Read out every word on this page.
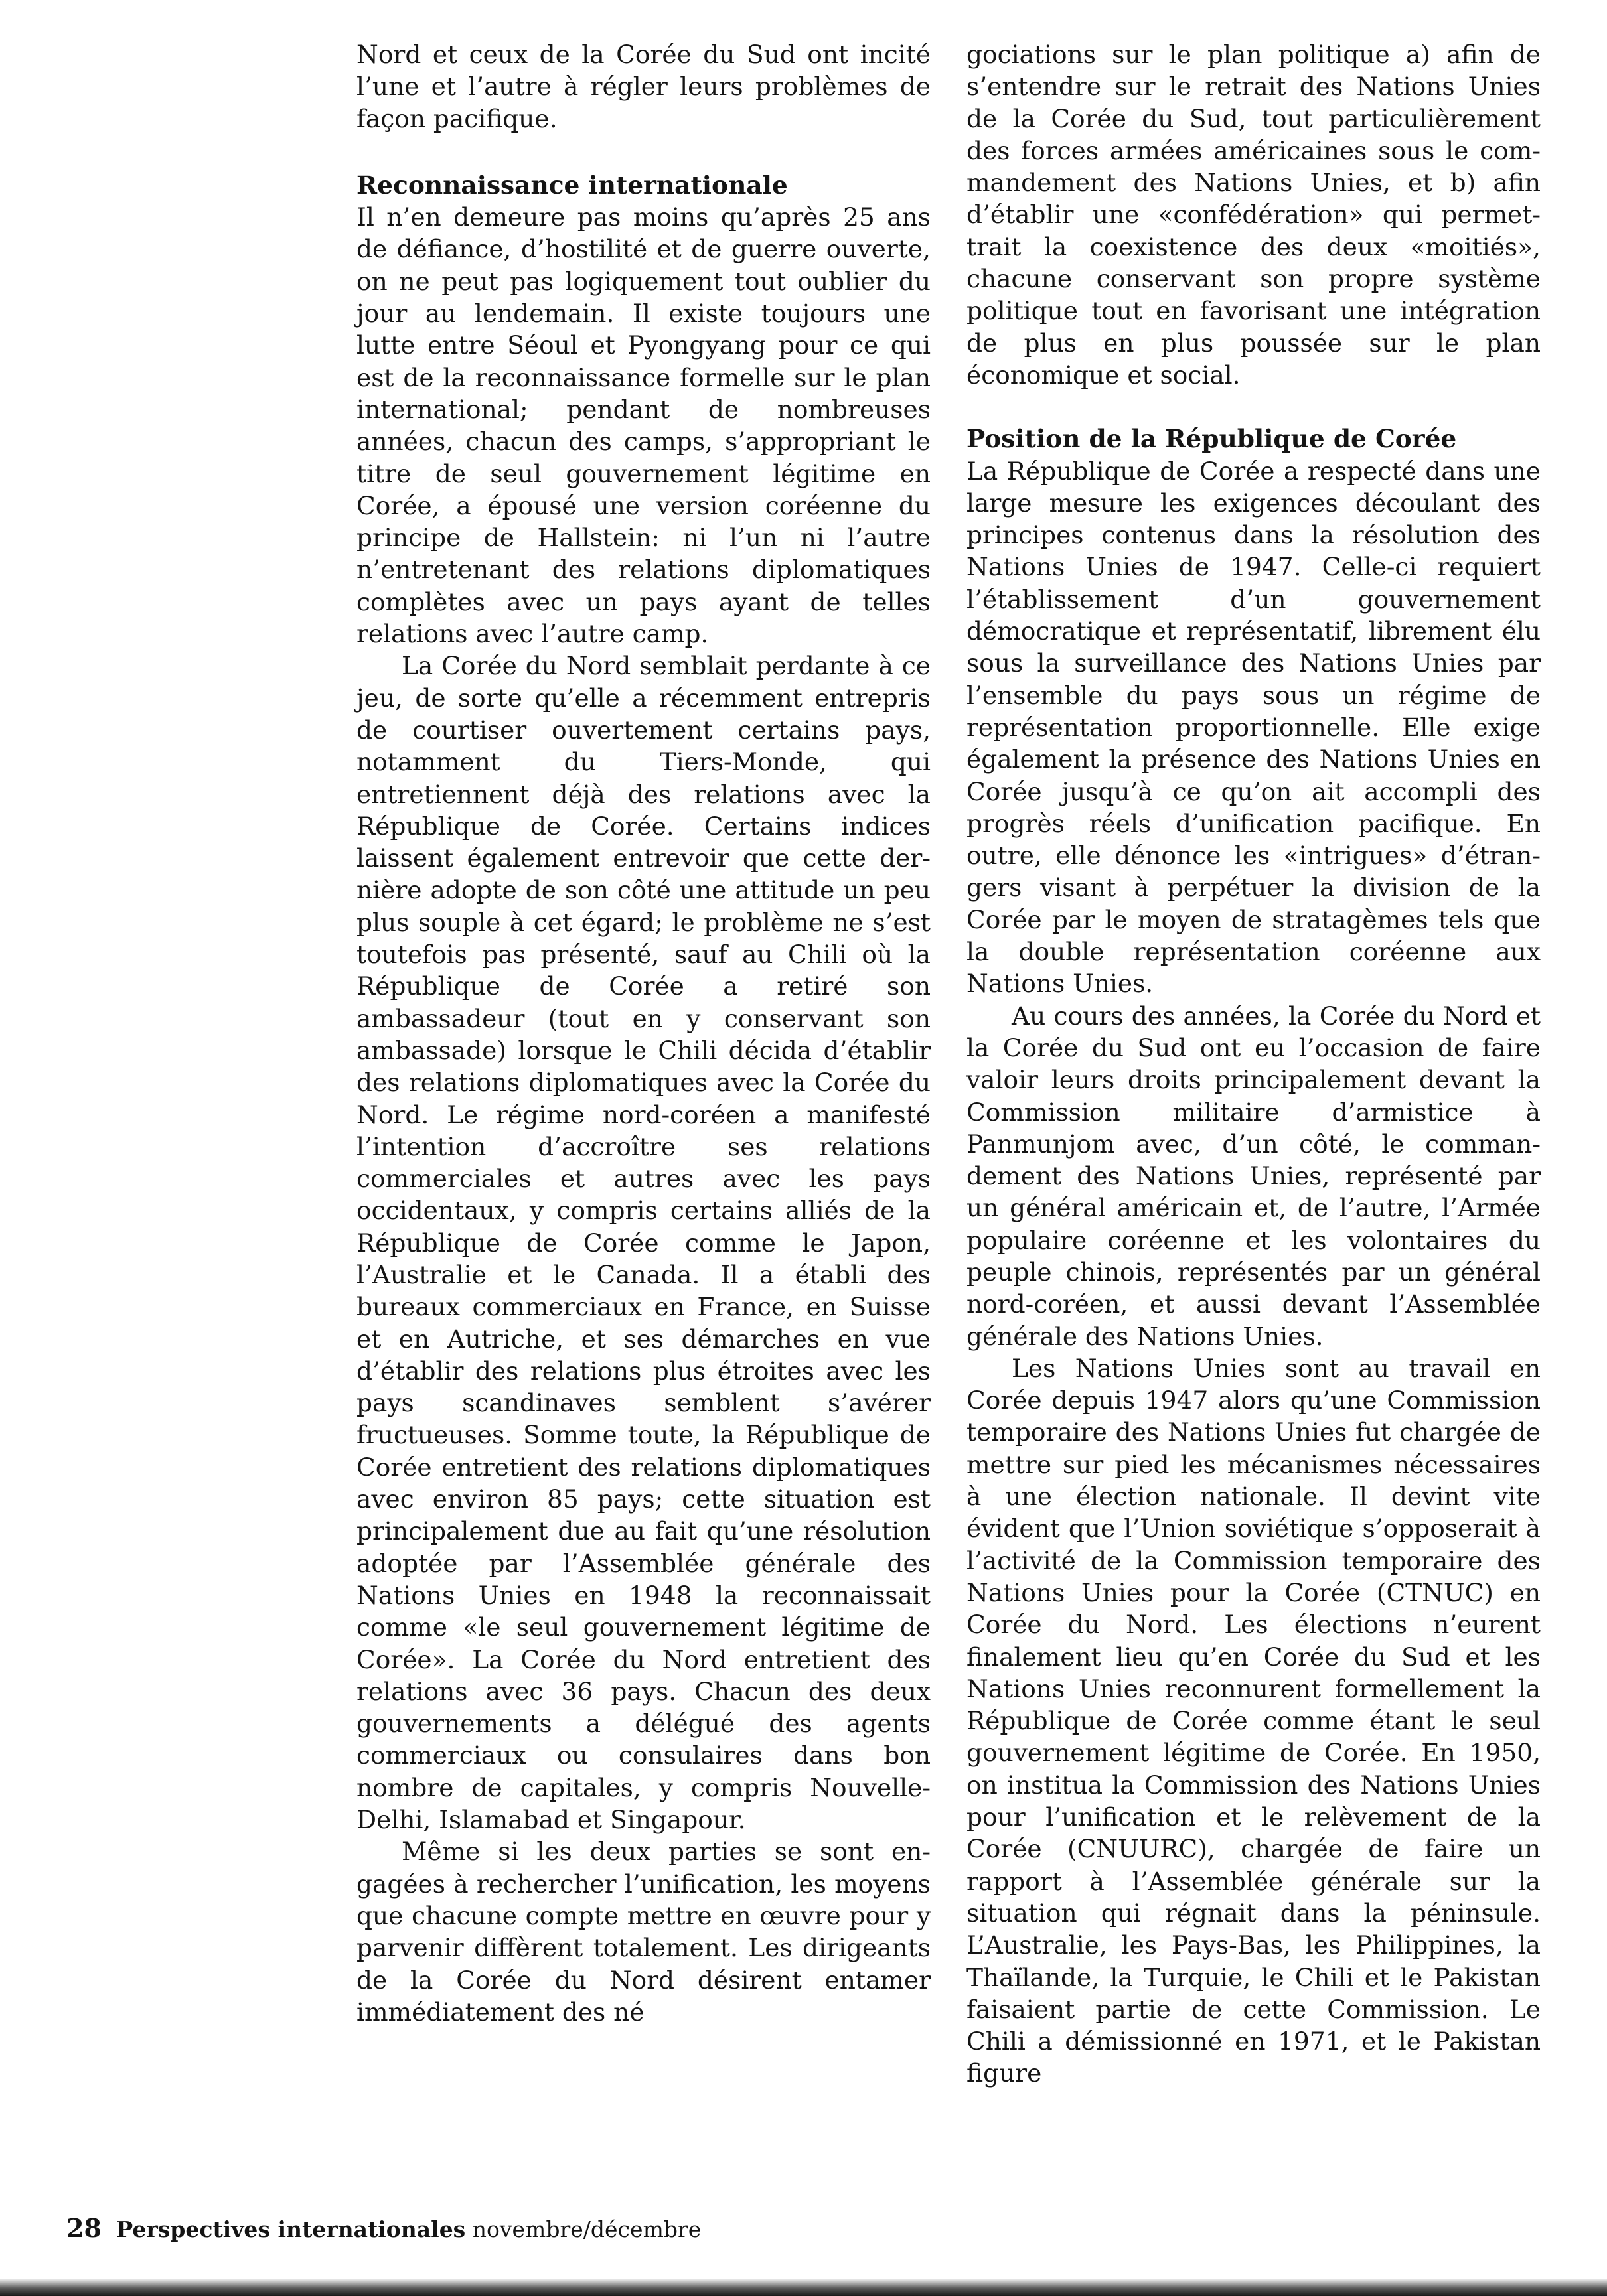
Nord et ceux de la Corée du Sud ont incité l’une et l’autre à régler leurs problèmes de façon pacifique.

Reconnaissance internationale

Il n’en demeure pas moins qu’après 25 ans de défiance, d’hostilité et de guerre ouverte, on ne peut pas logiquement tout oublier du jour au lendemain. Il existe toujours une lutte entre Séoul et Pyongyang pour ce qui est de la reconnaissance formelle sur le plan international; pendant de nombreuses années, chacun des camps, s’appropriant le titre de seul gouvernement légitime en Corée, a épousé une version coréenne du principe de Hallstein: ni l’un ni l’autre n’entretenant des relations diplomatiques complètes avec un pays ayant de telles relations avec l’autre camp.

La Corée du Nord semblait perdante à ce jeu, de sorte qu’elle a récemment entrepris de courtiser ouvertement certains pays, notamment du Tiers-Monde, qui entretiennent déjà des relations avec la République de Corée. Certains indices laissent également entrevoir que cette dernière adopte de son côté une attitude un peu plus souple à cet égard; le problème ne s’est toutefois pas présenté, sauf au Chili où la République de Corée a retiré son ambassadeur (tout en y conservant son ambassade) lorsque le Chili décida d’établir des relations diplomatiques avec la Corée du Nord. Le régime nord-coréen a manifesté l’intention d’accroître ses relations commerciales et autres avec les pays occidentaux, y compris certains alliés de la République de Corée comme le Japon, l’Australie et le Canada. Il a établi des bureaux commerciaux en France, en Suisse et en Autriche, et ses démarches en vue d’établir des relations plus étroites avec les pays scandinaves semblent s’avérer fructueuses. Somme toute, la République de Corée entretient des relations diplomatiques avec environ 85 pays; cette situation est principalement due au fait qu’une résolution adoptée par l’Assemblée générale des Nations Unies en 1948 la reconnaissait comme «le seul gouvernement légitime de Corée». La Corée du Nord entretient des relations avec 36 pays. Chacun des deux gouvernements a délégué des agents commerciaux ou consulaires dans bon nombre de capitales, y compris Nouvelle-Delhi, Islamabad et Singapour.

Même si les deux parties se sont engagées à rechercher l’unification, les moyens que chacune compte mettre en œuvre pour y parvenir diffèrent totalement. Les dirigeants de la Corée du Nord désirent entamer immédiatement des né

gociations sur le plan politique a) afin de s’entendre sur le retrait des Nations Unies de la Corée du Sud, tout particulièrement des forces armées américaines sous le commandement des Nations Unies, et b) afin d’établir une «confédération» qui permettrait la coexistence des deux «moitiés», chacune conservant son propre système politique tout en favorisant une intégration de plus en plus poussée sur le plan économique et social.

Position de la République de Corée

La République de Corée a respecté dans une large mesure les exigences découlant des principes contenus dans la résolution des Nations Unies de 1947. Celle-ci requiert l’établissement d’un gouvernement démocratique et représentatif, librement élu sous la surveillance des Nations Unies par l’ensemble du pays sous un régime de représentation proportionnelle. Elle exige également la présence des Nations Unies en Corée jusqu’à ce qu’on ait accompli des progrès réels d’unification pacifique. En outre, elle dénonce les «intrigues» d’étrangers visant à perpétuer la division de la Corée par le moyen de stratagèmes tels que la double représentation coréenne aux Nations Unies.

Au cours des années, la Corée du Nord et la Corée du Sud ont eu l’occasion de faire valoir leurs droits principalement devant la Commission militaire d’armistice à Panmunjom avec, d’un côté, le commandement des Nations Unies, représenté par un général américain et, de l’autre, l’Armée populaire coréenne et les volontaires du peuple chinois, représentés par un général nord-coréen, et aussi devant l’Assemblée générale des Nations Unies.

Les Nations Unies sont au travail en Corée depuis 1947 alors qu’une Commission temporaire des Nations Unies fut chargée de mettre sur pied les mécanismes nécessaires à une élection nationale. Il devint vite évident que l’Union soviétique s’opposerait à l’activité de la Commission temporaire des Nations Unies pour la Corée (CTNUC) en Corée du Nord. Les élections n’eurent finalement lieu qu’en Corée du Sud et les Nations Unies reconnurent formellement la République de Corée comme étant le seul gouvernement légitime de Corée. En 1950, on institua la Commission des Nations Unies pour l’unification et le relèvement de la Corée (CNUURC), chargée de faire un rapport à l’Assemblée générale sur la situation qui régnait dans la péninsule. L’Australie, les Pays-Bas, les Philippines, la Thaïlande, la Turquie, le Chili et le Pakistan faisaient partie de cette Commission. Le Chili a démissionné en 1971, et le Pakistan figure

28 Perspectives internationales novembre/décembre
